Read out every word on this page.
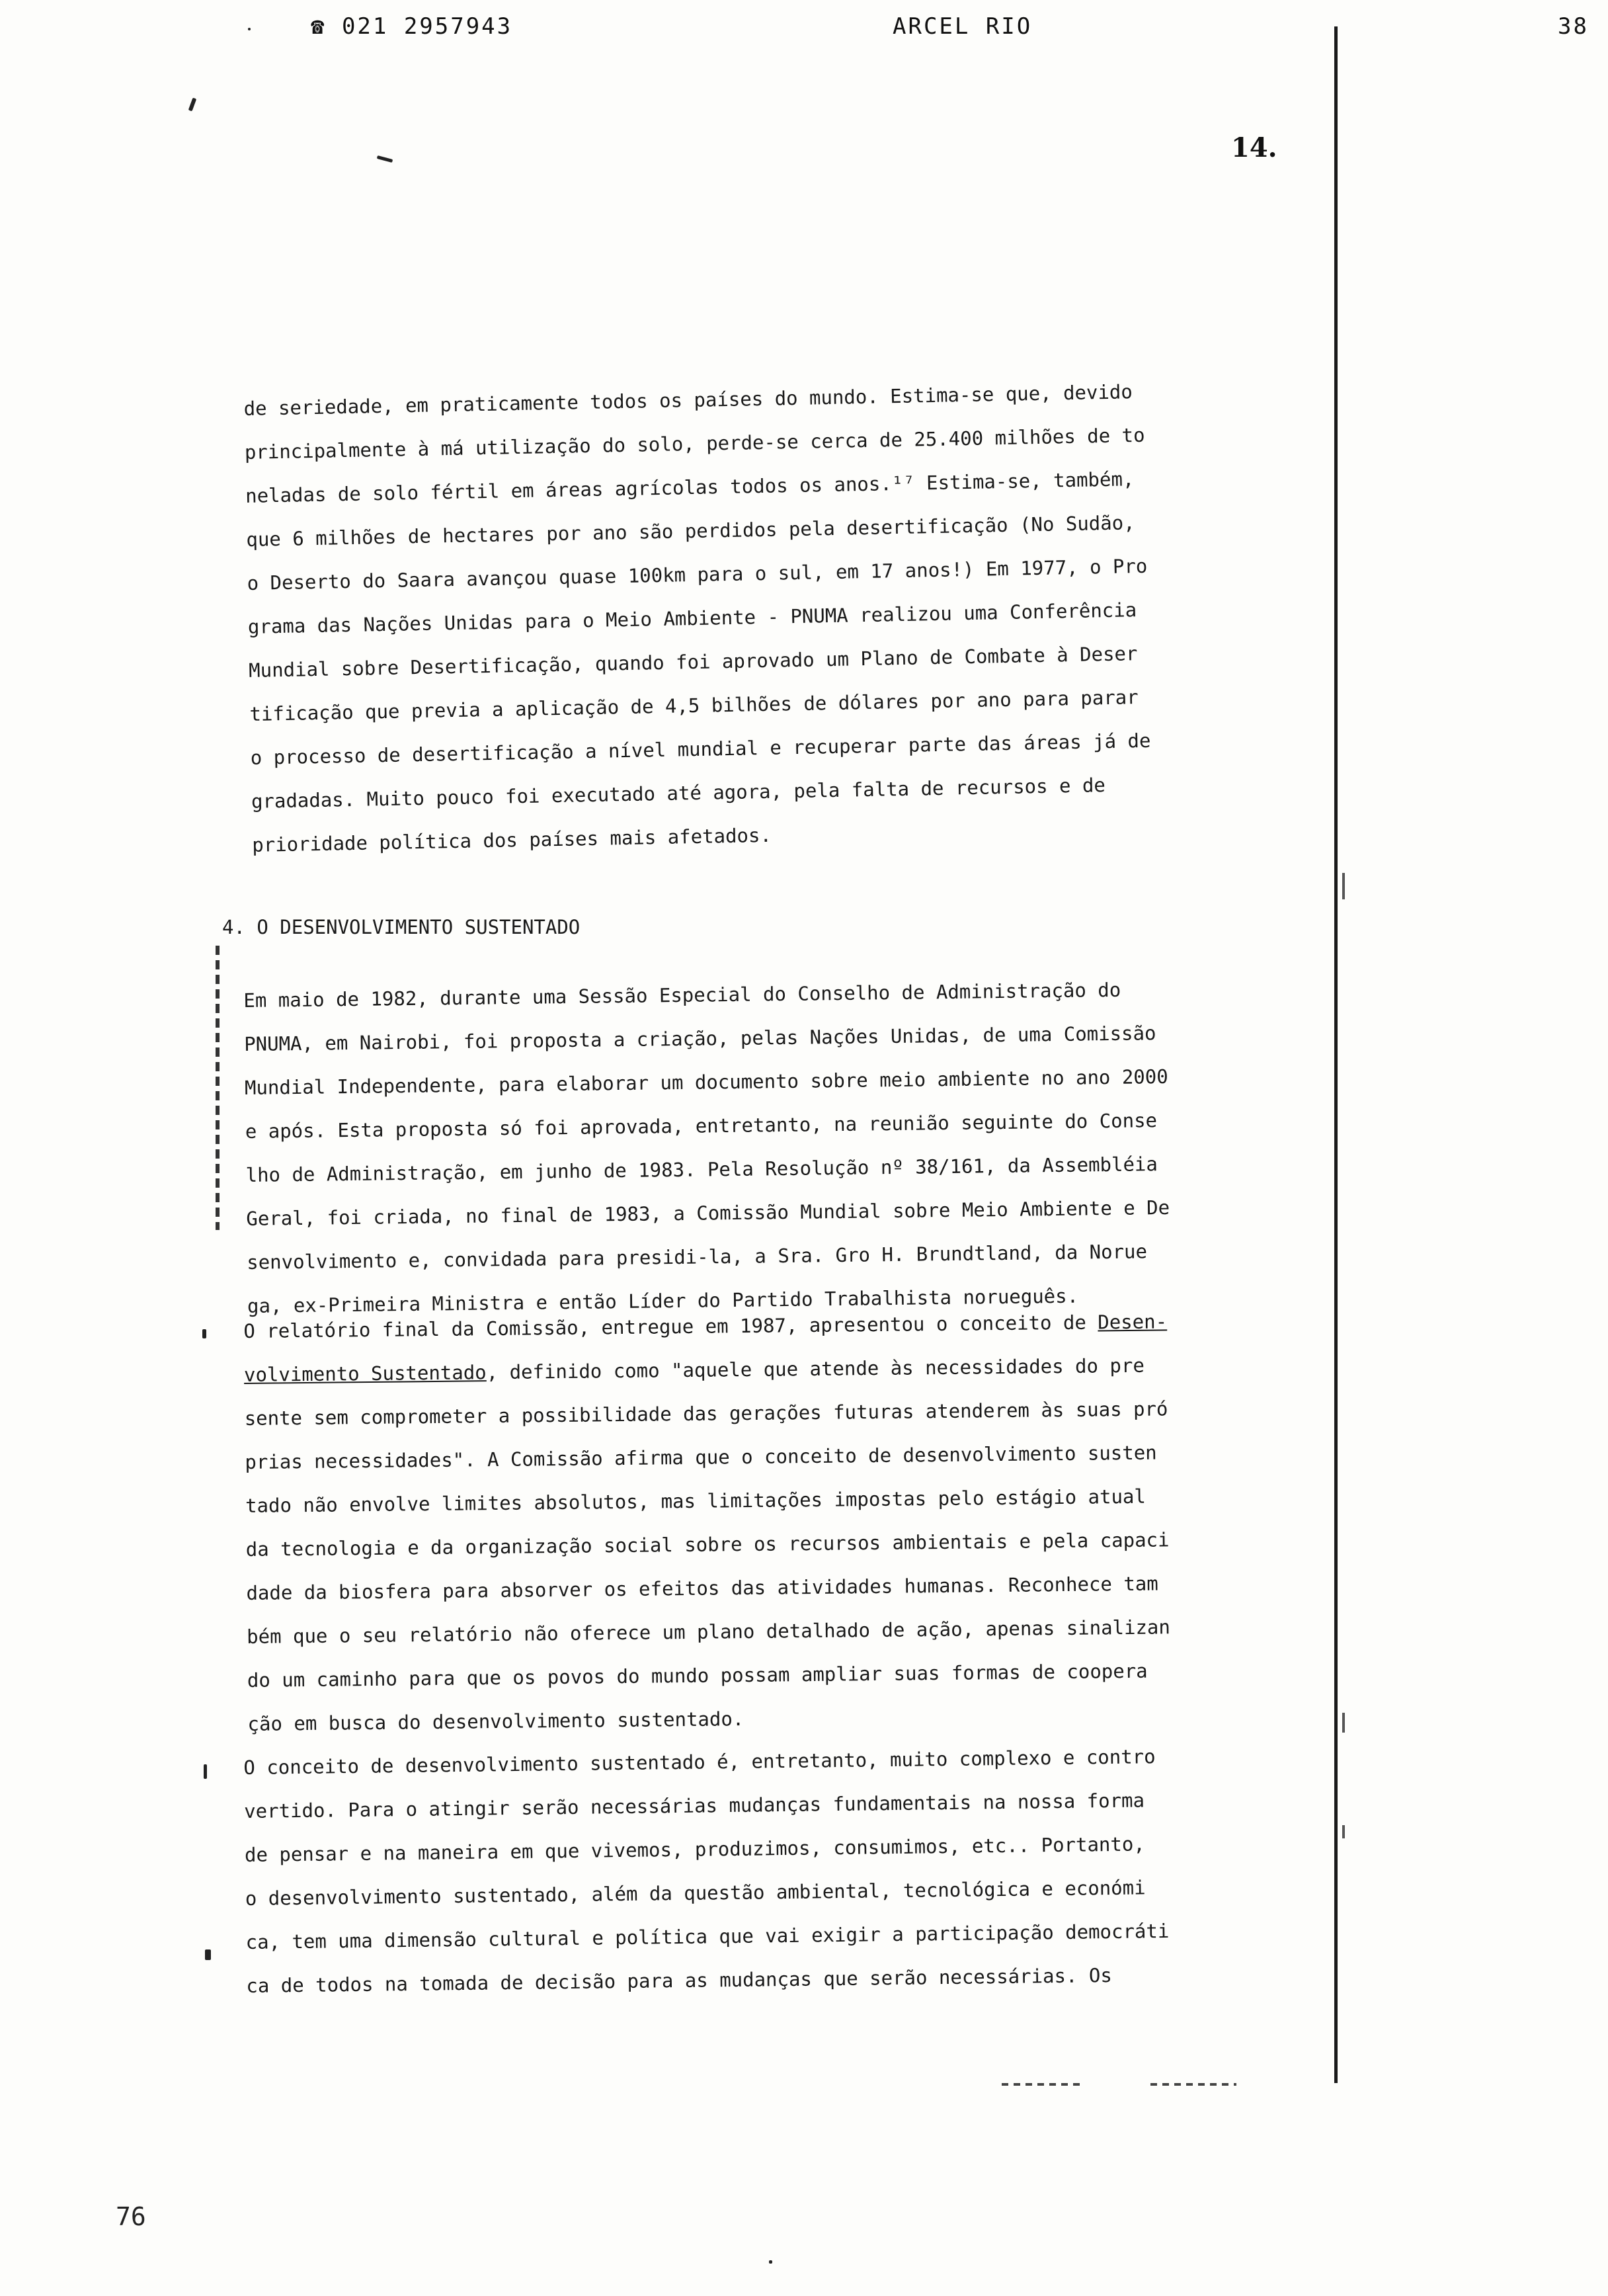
☎ 021 2957943	ARCEL RIO	38
14.
de seriedade, em praticamente todos os países do mundo. Estima-se que, devido
principalmente à má utilização do solo, perde-se cerca de 25.400 milhões de to
neladas de solo fértil em áreas agrícolas todos os anos.¹⁷ Estima-se, também,
que 6 milhões de hectares por ano são perdidos pela desertificação (No Sudão,
o Deserto do Saara avançou quase 100km para o sul, em 17 anos!) Em 1977, o Pro
grama das Nações Unidas para o Meio Ambiente - PNUMA realizou uma Conferência
Mundial sobre Desertificação, quando foi aprovado um Plano de Combate à Deser
tificação que previa a aplicação de 4,5 bilhões de dólares por ano para parar
o processo de desertificação a nível mundial e recuperar parte das áreas já de
gradadas. Muito pouco foi executado até agora, pela falta de recursos e de
prioridade política dos países mais afetados.
4. O DESENVOLVIMENTO SUSTENTADO
Em maio de 1982, durante uma Sessão Especial do Conselho de Administração do
PNUMA, em Nairobi, foi proposta a criação, pelas Nações Unidas, de uma Comissão
Mundial Independente, para elaborar um documento sobre meio ambiente no ano 2000
e após. Esta proposta só foi aprovada, entretanto, na reunião seguinte do Conse
lho de Administração, em junho de 1983. Pela Resolução nº 38/161, da Assembléia
Geral, foi criada, no final de 1983, a Comissão Mundial sobre Meio Ambiente e De
senvolvimento e, convidada para presidi-la, a Sra. Gro H. Brundtland, da Norue
ga, ex-Primeira Ministra e então Líder do Partido Trabalhista norueguês.
O relatório final da Comissão, entregue em 1987, apresentou o conceito de Desen-
volvimento Sustentado, definido como "aquele que atende às necessidades do pre
sente sem comprometer a possibilidade das gerações futuras atenderem às suas pró
prias necessidades". A Comissão afirma que o conceito de desenvolvimento susten
tado não envolve limites absolutos, mas limitações impostas pelo estágio atual
da tecnologia e da organização social sobre os recursos ambientais e pela capaci
dade da biosfera para absorver os efeitos das atividades humanas. Reconhece tam
bém que o seu relatório não oferece um plano detalhado de ação, apenas sinalizan
do um caminho para que os povos do mundo possam ampliar suas formas de coopera
ção em busca do desenvolvimento sustentado.
O conceito de desenvolvimento sustentado é, entretanto, muito complexo e contro
vertido. Para o atingir serão necessárias mudanças fundamentais na nossa forma
de pensar e na maneira em que vivemos, produzimos, consumimos, etc.. Portanto,
o desenvolvimento sustentado, além da questão ambiental, tecnológica e económi
ca, tem uma dimensão cultural e política que vai exigir a participação democráti
ca de todos na tomada de decisão para as mudanças que serão necessárias. Os
76
